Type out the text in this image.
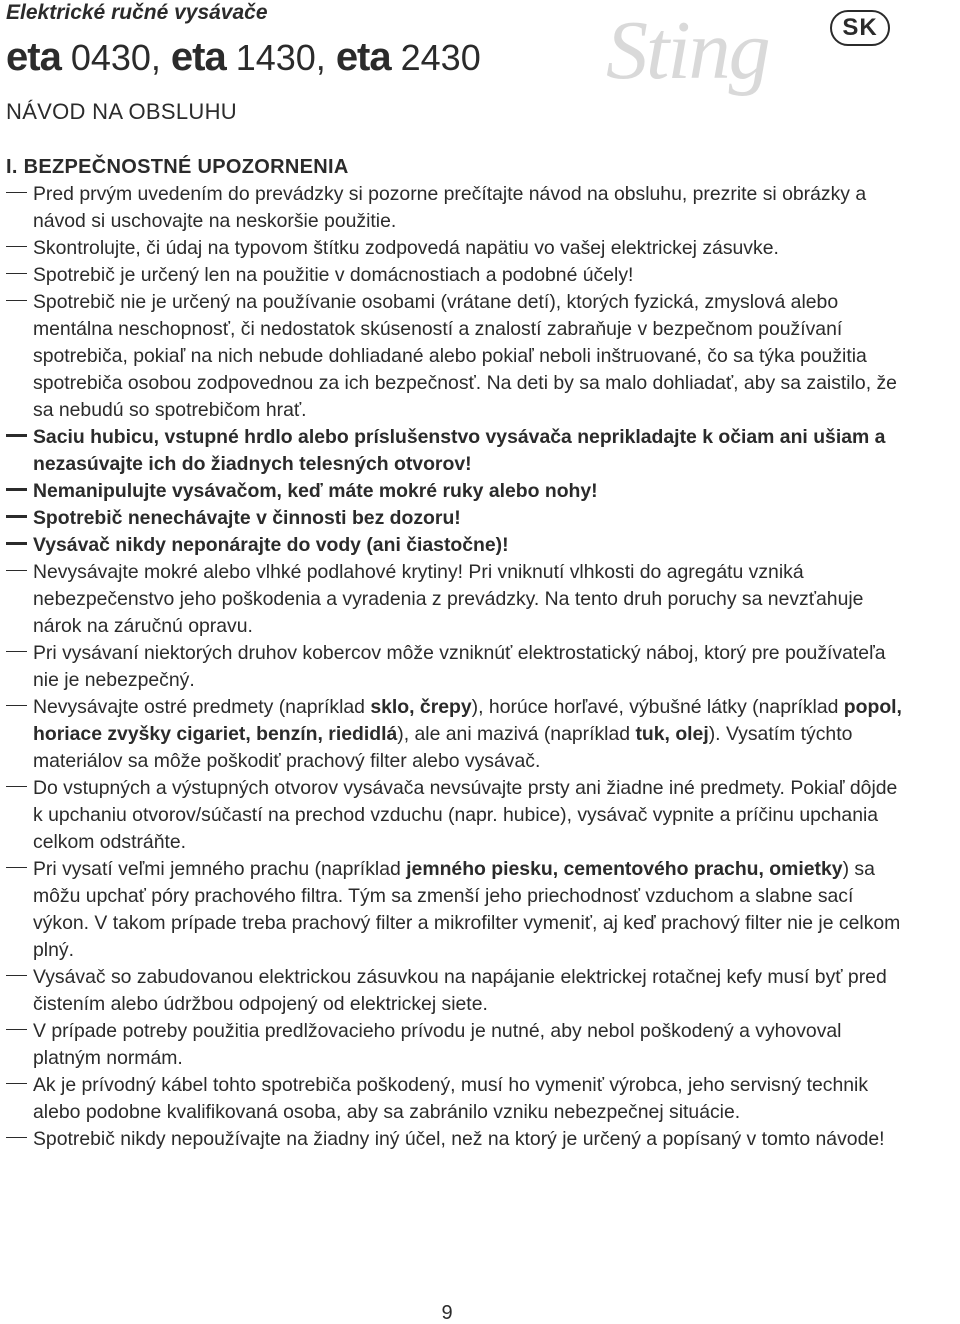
Elektrické ručné vysávače
eta 0430, eta 1430, eta 2430
NÁVOD NA OBSLUHU
Sting	SK
I. BEZPEČNOSTNÉ UPOZORNENIA
Pred prvým uvedením do prevádzky si pozorne prečítajte návod na obsluhu, prezrite si obrázky a návod si uschovajte na neskoršie použitie.
Skontrolujte, či údaj na typovom štítku zodpovedá napätiu vo vašej elektrickej zásuvke.
Spotrebič je určený len na použitie v domácnostiach a podobné účely!
Spotrebič nie je určený na používanie osobami (vrátane detí), ktorých fyzická, zmyslová alebo mentálna neschopnosť, či nedostatok skúseností a znalostí zabraňuje v bezpečnom používaní spotrebiča, pokiaľ na nich nebude dohliadané alebo pokiaľ neboli inštruované, čo sa týka použitia spotrebiča osobou zodpovednou za ich bezpečnosť. Na deti by sa malo dohliadať, aby sa zaistilo, že sa nebudú so spotrebičom hrať.
Saciu hubicu, vstupné hrdlo alebo príslušenstvo vysávača neprikladajte k očiam ani ušiam a nezasúvajte ich do žiadnych telesných otvorov!
Nemanipulujte vysávačom, keď máte mokré ruky alebo nohy!
Spotrebič nenechávajte v činnosti bez dozoru!
Vysávač nikdy neponárajte do vody (ani čiastočne)!
Nevysávajte mokré alebo vlhké podlahové krytiny! Pri vniknutí vlhkosti do agregátu vzniká nebezpečenstvo jeho poškodenia a vyradenia z prevádzky. Na tento druh poruchy sa nevzťahuje nárok na záručnú opravu.
Pri vysávaní niektorých druhov kobercov môže vzniknúť elektrostatický náboj, ktorý pre používateľa nie je nebezpečný.
Nevysávajte ostré predmety (napríklad sklo, črepy), horúce horľavé, výbušné látky (napríklad popol, horiace zvyšky cigariet, benzín, riedidlá), ale ani mazivá (napríklad tuk, olej). Vysatím týchto materiálov sa môže poškodiť prachový filter alebo vysávač.
Do vstupných a výstupných otvorov vysávača nevsúvajte prsty ani žiadne iné predmety. Pokiaľ dôjde k upchaniu otvorov/súčastí na prechod vzduchu (napr. hubice), vysávač vypnite a príčinu upchania celkom odstráňte.
Pri vysatí veľmi jemného prachu (napríklad jemného piesku, cementového prachu, omietky) sa môžu upchať póry prachového filtra. Tým sa zmenší jeho priechodnosť vzduchom a slabne sací výkon. V takom prípade treba prachový filter a mikrofilter vymeniť, aj keď prachový filter nie je celkom plný.
Vysávač so zabudovanou elektrickou zásuvkou na napájanie elektrickej rotačnej kefy musí byť pred čistením alebo údržbou odpojený od elektrickej siete.
V prípade potreby použitia predlžovacieho prívodu je nutné, aby nebol poškodený a vyhovoval platným normám.
Ak je prívodný kábel tohto spotrebiča poškodený, musí ho vymeniť výrobca, jeho servisný technik alebo podobne kvalifikovaná osoba, aby sa zabránilo vzniku nebezpečnej situácie.
Spotrebič nikdy nepoužívajte na žiadny iný účel, než na ktorý je určený a popísaný v tomto návode!
9
